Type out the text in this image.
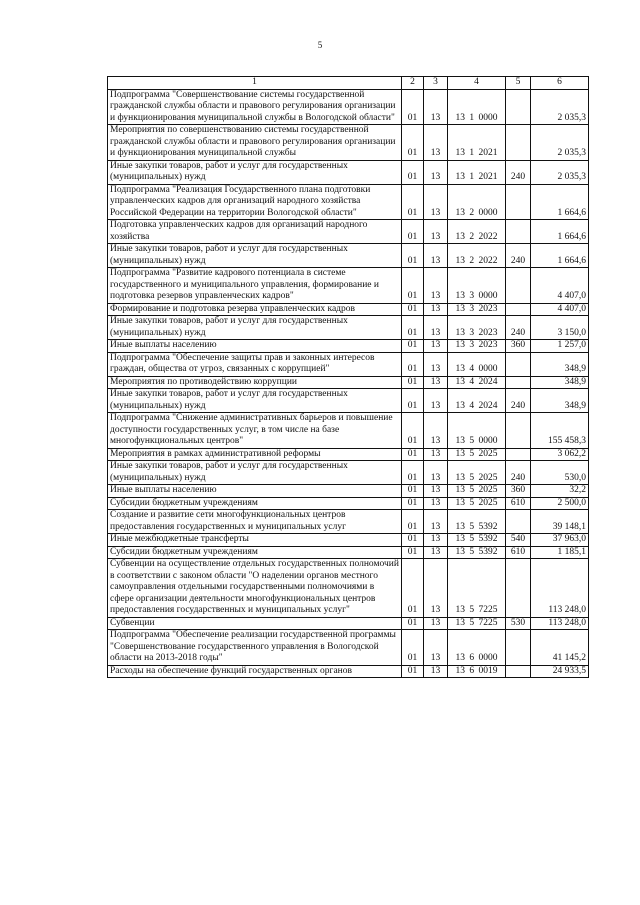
5
1	2	3	4	5	6
Подпрограмма "Совершенствование системы государственной гражданской службы области и правового регулирования организации и функционирования муниципальной службы в Вологодской области"	01	13	13 1 0000		2 035,3
Мероприятия по совершенствованию системы государственной гражданской службы области и правового регулирования организации и функционирования муниципальной службы	01	13	13 1 2021		2 035,3
Иные закупки товаров, работ и услуг для государственных (муниципальных) нужд	01	13	13 1 2021	240	2 035,3
Подпрограмма "Реализация Государственного плана подготовки управленческих кадров для организаций народного хозяйства Российской Федерации на территории Вологодской области"	01	13	13 2 0000		1 664,6
Подготовка управленческих кадров для организаций народного хозяйства	01	13	13 2 2022		1 664,6
Иные закупки товаров, работ и услуг для государственных (муниципальных) нужд	01	13	13 2 2022	240	1 664,6
Подпрограмма "Развитие кадрового потенциала в системе государственного и муниципального управления, формирование и подготовка резервов управленческих кадров"	01	13	13 3 0000		4 407,0
Формирование и подготовка резерва управленческих кадров	01	13	13 3 2023		4 407,0
Иные закупки товаров, работ и услуг для государственных (муниципальных) нужд	01	13	13 3 2023	240	3 150,0
Иные выплаты населению	01	13	13 3 2023	360	1 257,0
Подпрограмма "Обеспечение защиты прав и законных интересов граждан, общества от угроз, связанных с коррупцией"	01	13	13 4 0000		348,9
Мероприятия по противодействию коррупции	01	13	13 4 2024		348,9
Иные закупки товаров, работ и услуг для государственных (муниципальных) нужд	01	13	13 4 2024	240	348,9
Подпрограмма "Снижение административных барьеров и повышение доступности государственных услуг, в том числе на базе многофункциональных центров"	01	13	13 5 0000		155 458,3
Мероприятия в рамках административной реформы	01	13	13 5 2025		3 062,2
Иные закупки товаров, работ и услуг для государственных (муниципальных) нужд	01	13	13 5 2025	240	530,0
Иные выплаты населению	01	13	13 5 2025	360	32,2
Субсидии бюджетным учреждениям	01	13	13 5 2025	610	2 500,0
Создание и развитие сети многофункциональных центров предоставления государственных и муниципальных услуг	01	13	13 5 5392		39 148,1
Иные межбюджетные трансферты	01	13	13 5 5392	540	37 963,0
Субсидии бюджетным учреждениям	01	13	13 5 5392	610	1 185,1
Субвенции на осуществление отдельных государственных полномочий в соответствии с законом области "О наделении органов местного самоуправления отдельными государственными полномочиями в сфере организации деятельности многофункциональных центров предоставления государственных и муниципальных услуг"	01	13	13 5 7225		113 248,0
Субвенции	01	13	13 5 7225	530	113 248,0
Подпрограмма "Обеспечение реализации государственной программы "Совершенствование государственного управления в Вологодской области на 2013-2018 годы"	01	13	13 6 0000		41 145,2
Расходы на обеспечение функций государственных органов	01	13	13 6 0019		24 933,5
